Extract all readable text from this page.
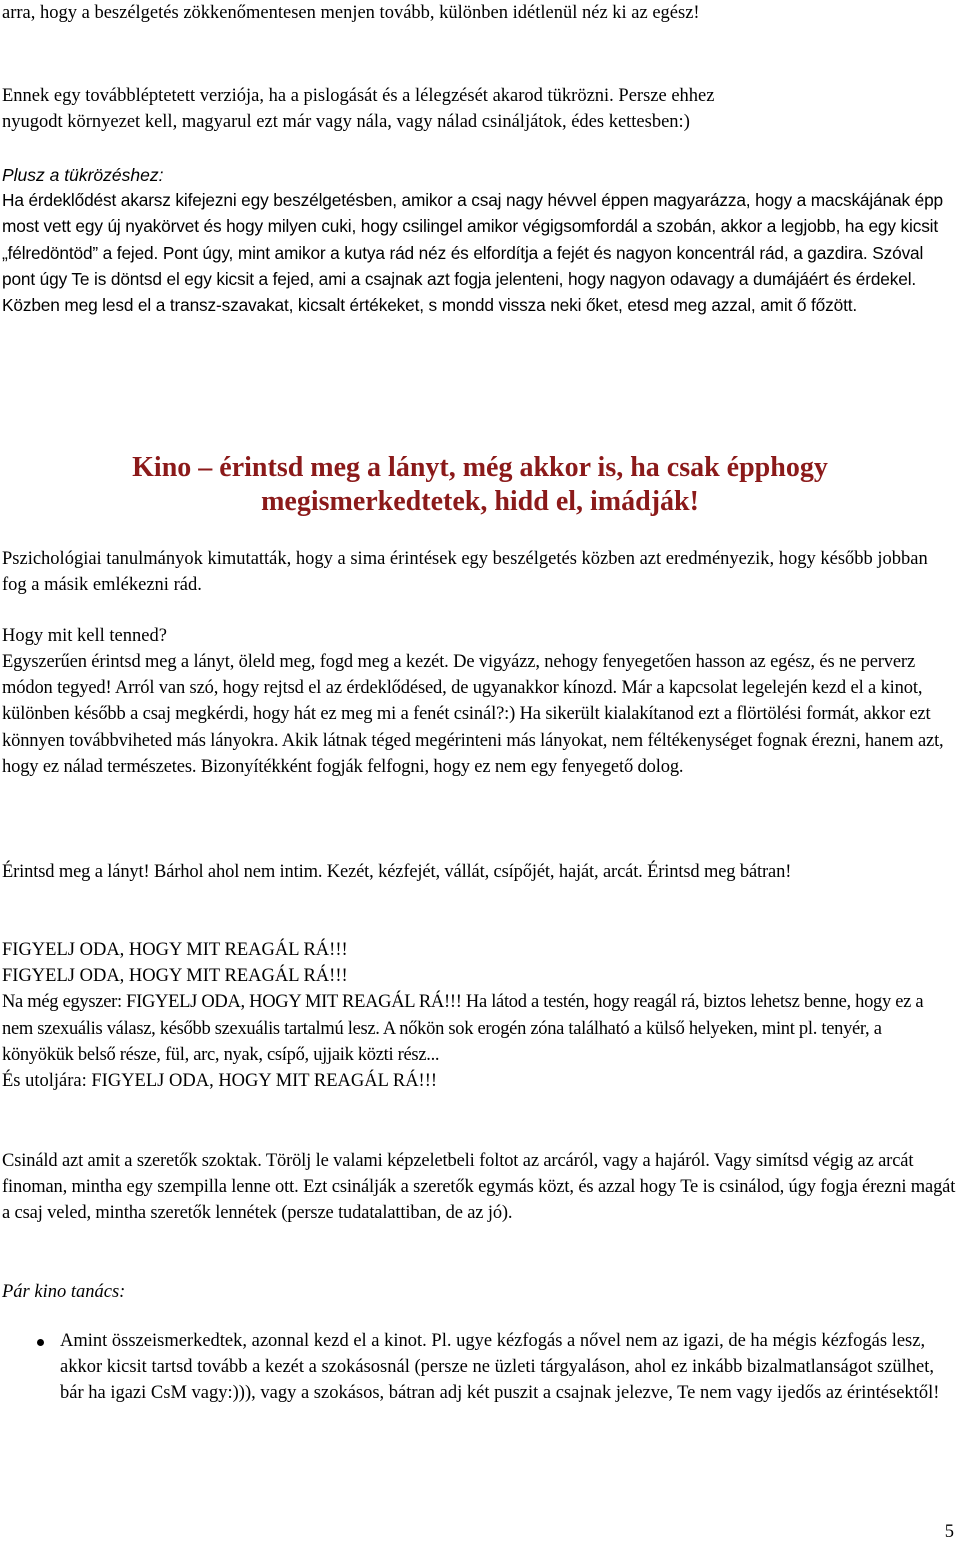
arra, hogy a beszélgetés zökkenőmentesen menjen tovább, különben idétlenül néz ki az egész!

Ennek egy továbbléptetett verziója, ha a pislogását és a lélegzését akarod tükrözni. Persze ehhez
nyugodt környezet kell, magyarul ezt már vagy nála, vagy nálad csináljátok, édes kettesben:)

Plusz a tükrözéshez:

Ha érdeklődést akarsz kifejezni egy beszélgetésben, amikor a csaj nagy hévvel éppen magyarázza, hogy a macskájának épp most vett egy új nyakörvet és hogy milyen cuki, hogy csilingel amikor végigsomfordál a szobán, akkor a legjobb, ha egy kicsit „félredöntöd” a fejed. Pont úgy, mint amikor a kutya rád néz és elfordítja a fejét és nagyon koncentrál rád, a gazdira. Szóval pont úgy Te is döntsd el egy kicsit a fejed, ami a csajnak azt fogja jelenteni, hogy nagyon odavagy a dumájáért és érdekel. Közben meg lesd el a transz-szavakat, kicsalt értékeket, s mondd vissza neki őket, etesd meg azzal, amit ő főzött.

Kino – érintsd meg a lányt, még akkor is, ha csak épphogy
megismerkedtetek, hidd el, imádják!

Pszichológiai tanulmányok kimutatták, hogy a sima érintések egy beszélgetés közben azt eredményezik, hogy később jobban fog a másik emlékezni rád.

Hogy mit kell tenned?

Egyszerűen érintsd meg a lányt, öleld meg, fogd meg a kezét. De vigyázz, nehogy fenyegetően hasson az egész, és ne perverz módon tegyed! Arról van szó, hogy rejtsd el az érdeklődésed, de ugyanakkor kínozd. Már a kapcsolat legelején kezd el a kinot, különben később a csaj megkérdi, hogy hát ez meg mi a fenét csinál?:) Ha sikerült kialakítanod ezt a flörtölési formát, akkor ezt könnyen továbbviheted más lányokra. Akik látnak téged megérinteni más lányokat, nem féltékenységet fognak érezni, hanem azt, hogy ez nálad természetes. Bizonyítékként fogják felfogni, hogy ez nem egy fenyegető dolog.

Érintsd meg a lányt! Bárhol ahol nem intim. Kezét, kézfejét, vállát, csípőjét, haját, arcát. Érintsd meg bátran!

FIGYELJ ODA, HOGY MIT REAGÁL RÁ!!!
FIGYELJ ODA, HOGY MIT REAGÁL RÁ!!!
Na még egyszer: FIGYELJ ODA, HOGY MIT REAGÁL RÁ!!! Ha látod a testén, hogy reagál rá, biztos lehetsz benne, hogy ez a nem szexuális válasz, később szexuális tartalmú lesz. A nőkön sok erogén zóna található a külső helyeken, mint pl. tenyér, a könyökük belső része, fül, arc, nyak, csípő, ujjaik közti rész...
És utoljára: FIGYELJ ODA, HOGY MIT REAGÁL RÁ!!!

Csináld azt amit a szeretők szoktak. Törölj le valami képzeletbeli foltot az arcáról, vagy a hajáról. Vagy simítsd végig az arcát finoman, mintha egy szempilla lenne ott. Ezt csinálják a szeretők egymás közt, és azzal hogy Te is csinálod, úgy fogja érezni magát a csaj veled, mintha szeretők lennétek (persze tudatalattiban, de az jó).

Pár kino tanács:

Amint összeismerkedtek, azonnal kezd el a kinot. Pl. ugye kézfogás a nővel nem az igazi, de ha mégis kézfogás lesz, akkor kicsit tartsd tovább a kezét a szokásosnál (persze ne üzleti tárgyaláson, ahol ez inkább bizalmatlanságot szülhet, bár ha igazi CsM vagy:))), vagy a szokásos, bátran adj két puszit a csajnak jelezve, Te nem vagy ijedős az érintésektől!
5
